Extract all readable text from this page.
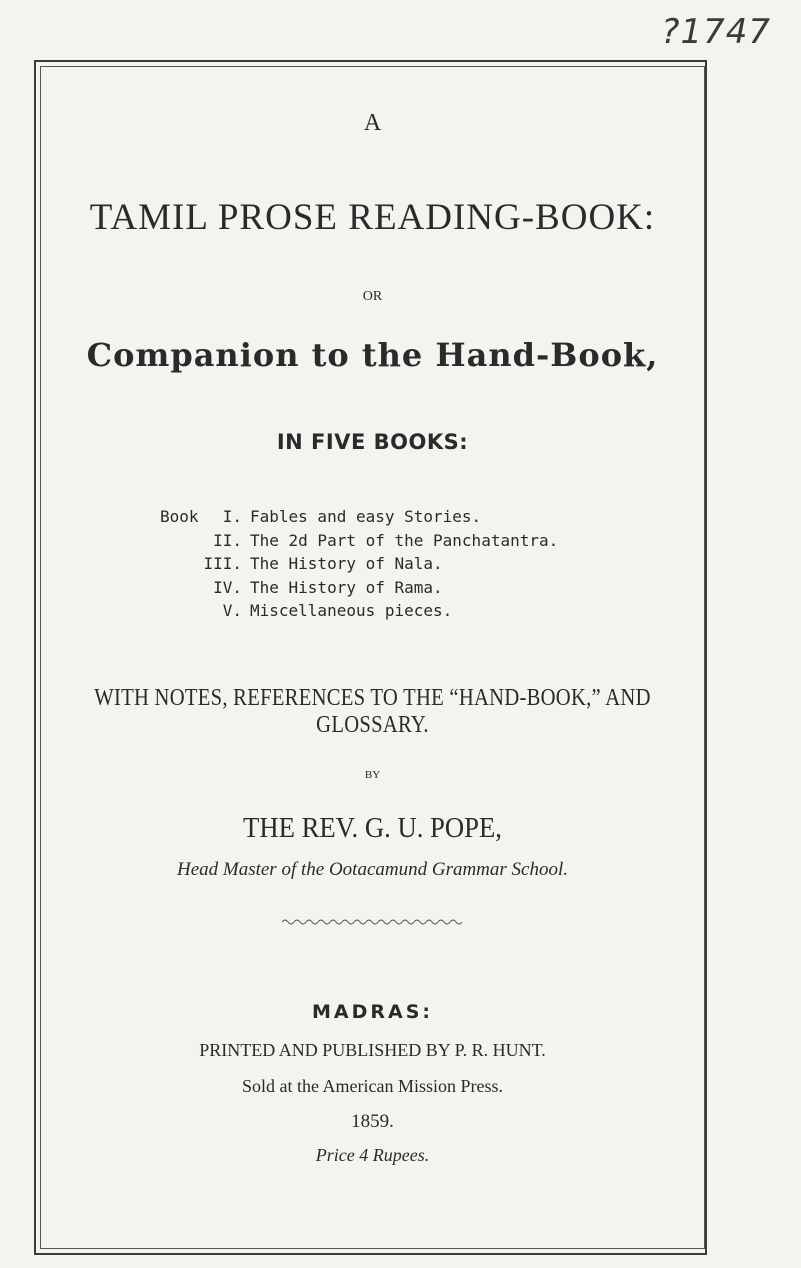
?1747
A
TAMIL PROSE READING-BOOK:
OR
Companion to the Hand-Book,
IN FIVE BOOKS:
Book	I. Fables and easy Stories.
II. The 2d Part of the Panchatantra.
III. The History of Nala.
IV. The History of Rama.
V. Miscellaneous pieces.
WITH NOTES, REFERENCES TO THE “HAND-BOOK,” AND GLOSSARY.
BY
THE REV. G. U. POPE,
Head Master of the Ootacamund Grammar School.
MADRAS:
PRINTED AND PUBLISHED BY P. R. HUNT.
Sold at the American Mission Press.
1859.
Price 4 Rupees.
